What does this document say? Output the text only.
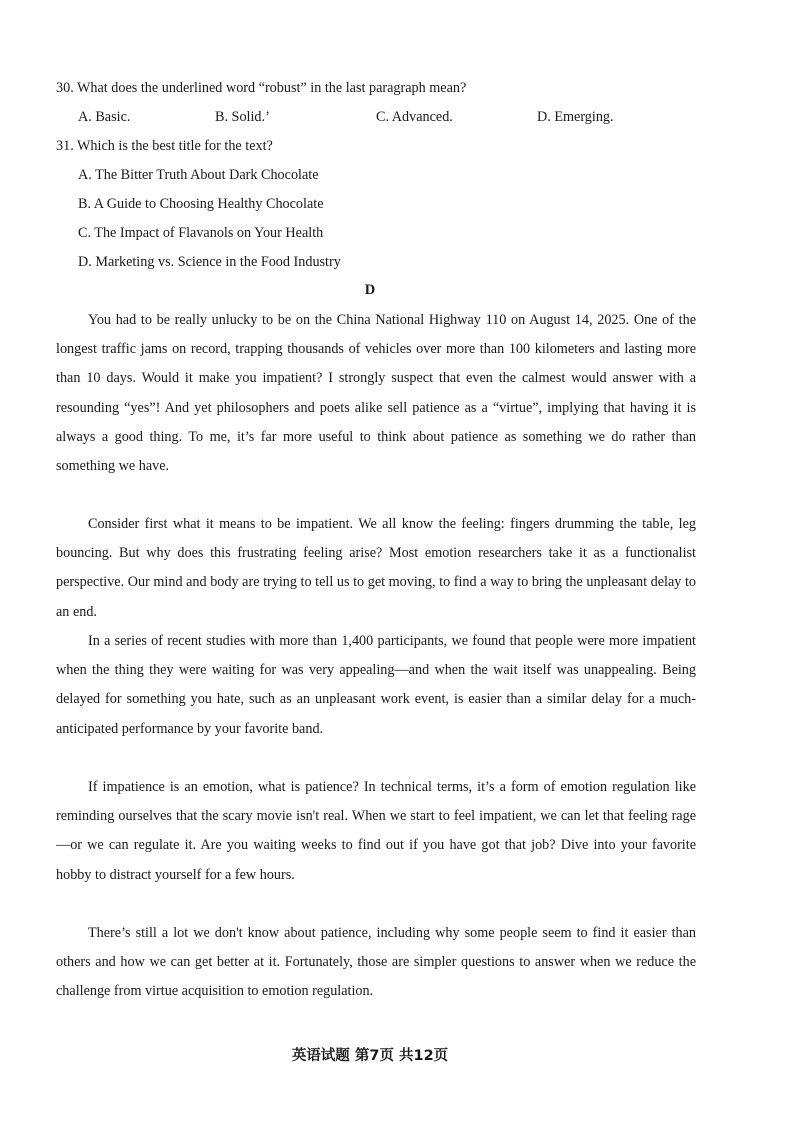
30. What does the underlined word “robust” in the last paragraph mean?
A. Basic.	B. Solid.’	C. Advanced.	D. Emerging.
31. Which is the best title for the text?
A. The Bitter Truth About Dark Chocolate
B. A Guide to Choosing Healthy Chocolate
C. The Impact of Flavanols on Your Health
D. Marketing vs. Science in the Food Industry
D

You had to be really unlucky to be on the China National Highway 110 on August 14, 2025. One of the longest traffic jams on record, trapping thousands of vehicles over more than 100 kilometers and lasting more than 10 days. Would it make you impatient? I strongly suspect that even the calmest would answer with a resounding “yes”! And yet philosophers and poets alike sell patience as a “virtue”, implying that having it is always a good thing. To me, it’s far more useful to think about patience as something we do rather than something we have.

Consider first what it means to be impatient. We all know the feeling: fingers drumming the table, leg bouncing. But why does this frustrating feeling arise? Most emotion researchers take it as a functionalist perspective. Our mind and body are trying to tell us to get moving, to find a way to bring the unpleasant delay to an end.

In a series of recent studies with more than 1,400 participants, we found that people were more impatient when the thing they were waiting for was very appealing—and when the wait itself was unappealing. Being delayed for something you hate, such as an unpleasant work event, is easier than a similar delay for a much-anticipated performance by your favorite band.

If impatience is an emotion, what is patience? In technical terms, it’s a form of emotion regulation like reminding ourselves that the scary movie isn't real. When we start to feel impatient, we can let that feeling rage—or we can regulate it. Are you waiting weeks to find out if you have got that job? Dive into your favorite hobby to distract yourself for a few hours.

There’s still a lot we don't know about patience, including why some people seem to find it easier than others and how we can get better at it. Fortunately, those are simpler questions to answer when we reduce the challenge from virtue acquisition to emotion regulation.

英语试题 第7页 共12页
